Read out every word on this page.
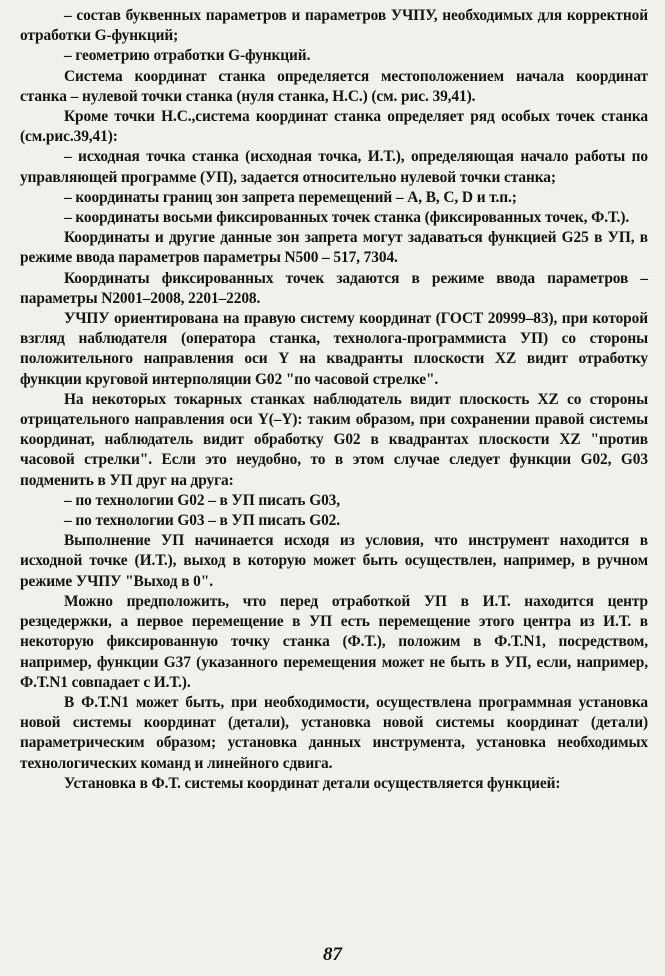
– состав буквенных параметров и параметров УЧПУ, необходимых для корректной отработки G-функций;

– геометрию отработки G-функций.

Система координат станка определяется местоположением начала координат станка – нулевой точки станка (нуля станка, Н.С.) (см. рис. 39,41).

Кроме точки Н.С.,система координат станка определяет ряд особых точек станка (см.рис.39,41):

– исходная точка станка (исходная точка, И.Т.), определяющая начало работы по управляющей программе (УП), задается относительно нулевой точки станка;

– координаты границ зон запрета перемещений – A, B, C, D и т.п.;

– координаты восьми фиксированных точек станка (фиксированных точек, Ф.Т.).

Координаты и другие данные зон запрета могут задаваться функцией G25 в УП, в режиме ввода параметров параметры N500 – 517, 7304.

Координаты фиксированных точек задаются в режиме ввода параметров – параметры N2001–2008, 2201–2208.

УЧПУ ориентирована на правую систему координат (ГОСТ 20999–83), при которой взгляд наблюдателя (оператора станка, технолога-программиста УП) со стороны положительного направления оси Y на квадранты плоскости XZ видит отработку функции круговой интерполяции G02 "по часовой стрелке".

На некоторых токарных станках наблюдатель видит плоскость XZ со стороны отрицательного направления оси Y(–Y): таким образом, при сохранении правой системы координат, наблюдатель видит обработку G02 в квадрантах плоскости XZ "против часовой стрелки". Если это неудобно, то в этом случае следует функции G02, G03 подменить в УП друг на друга:

– по технологии G02 – в УП писать G03,

– по технологии G03 – в УП писать G02.

Выполнение УП начинается исходя из условия, что инструмент находится в исходной точке (И.Т.), выход в которую может быть осуществлен, например, в ручном режиме УЧПУ "Выход в 0".

Можно предположить, что перед отработкой УП в И.Т. находится центр резцедержки, а первое перемещение в УП есть перемещение этого центра из И.Т. в некоторую фиксированную точку станка (Ф.Т.), положим в Ф.Т.N1, посредством, например, функции G37 (указанного перемещения может не быть в УП, если, например, Ф.Т.N1 совпадает с И.Т.).

В Ф.Т.N1 может быть, при необходимости, осуществлена программная установка новой системы координат (детали), установка новой системы координат (детали) параметрическим образом; установка данных инструмента, установка необходимых технологических команд и линейного сдвига.

Установка в Ф.Т. системы координат детали осуществляется функцией:

87
